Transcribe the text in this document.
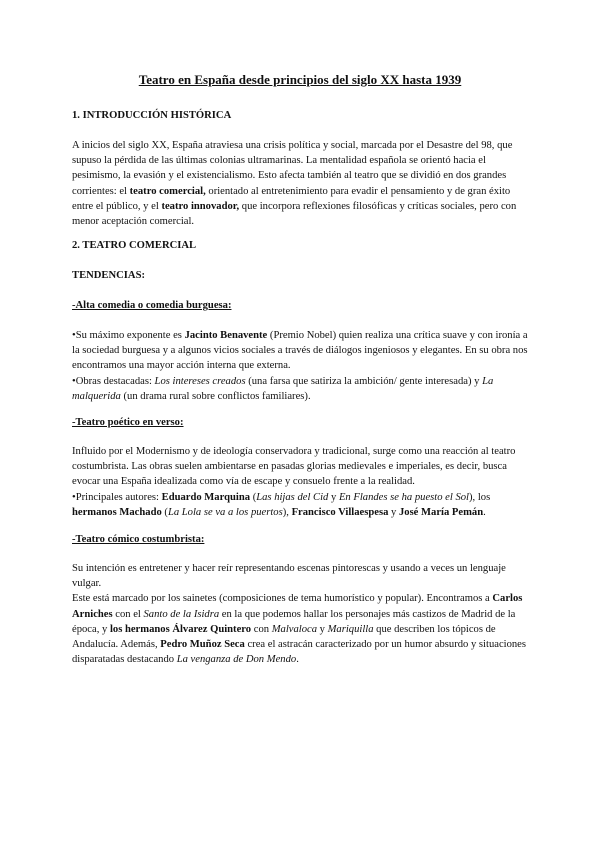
Teatro en España desde principios del siglo XX hasta 1939
1. INTRODUCCIÓN HISTÓRICA

A inicios del siglo XX, España atraviesa una crisis política y social, marcada por el Desastre del 98, que supuso la pérdida de las últimas colonias ultramarinas. La mentalidad española se orientó hacia el pesimismo, la evasión y el existencialismo. Esto afecta también al teatro que se dividió en dos grandes corrientes: el teatro comercial, orientado al entretenimiento para evadir el pensamiento y de gran éxito entre el público, y el teatro innovador, que incorpora reflexiones filosóficas y críticas sociales, pero con menor aceptación comercial.

2. TEATRO COMERCIAL
TENDENCIAS:
-Alta comedia o comedia burguesa:

•Su máximo exponente es Jacinto Benavente (Premio Nobel) quien realiza una crítica suave y con ironía a la sociedad burguesa y a algunos vicios sociales a través de diálogos ingeniosos y elegantes. En su obra nos encontramos una mayor acción interna que externa.

•Obras destacadas: Los intereses creados (una farsa que satiriza la ambición/ gente interesada) y La malquerida (un drama rural sobre conflictos familiares).

-Teatro poético en verso:

Influido por el Modernismo y de ideología conservadora y tradicional, surge como una reacción al teatro costumbrista. Las obras suelen ambientarse en pasadas glorias medievales e imperiales, es decir, busca evocar una España idealizada como vía de escape y consuelo frente a la realidad.

•Principales autores: Eduardo Marquina (Las hijas del Cid y En Flandes se ha puesto el Sol), los hermanos Machado (La Lola se va a los puertos), Francisco Villaespesa y José María Pemán.

-Teatro cómico costumbrista:

Su intención es entretener y hacer reír representando escenas pintorescas y usando a veces un lenguaje vulgar.

Este está marcado por los sainetes (composiciones de tema humorístico y popular). Encontramos a Carlos Arniches con el Santo de la Isidra en la que podemos hallar los personajes más castizos de Madrid de la época, y los hermanos Álvarez Quintero con Malvaloca y Mariquilla que describen los tópicos de Andalucía. Además, Pedro Muñoz Seca crea el astracán caracterizado por un humor absurdo y situaciones disparatadas destacando La venganza de Don Mendo.
